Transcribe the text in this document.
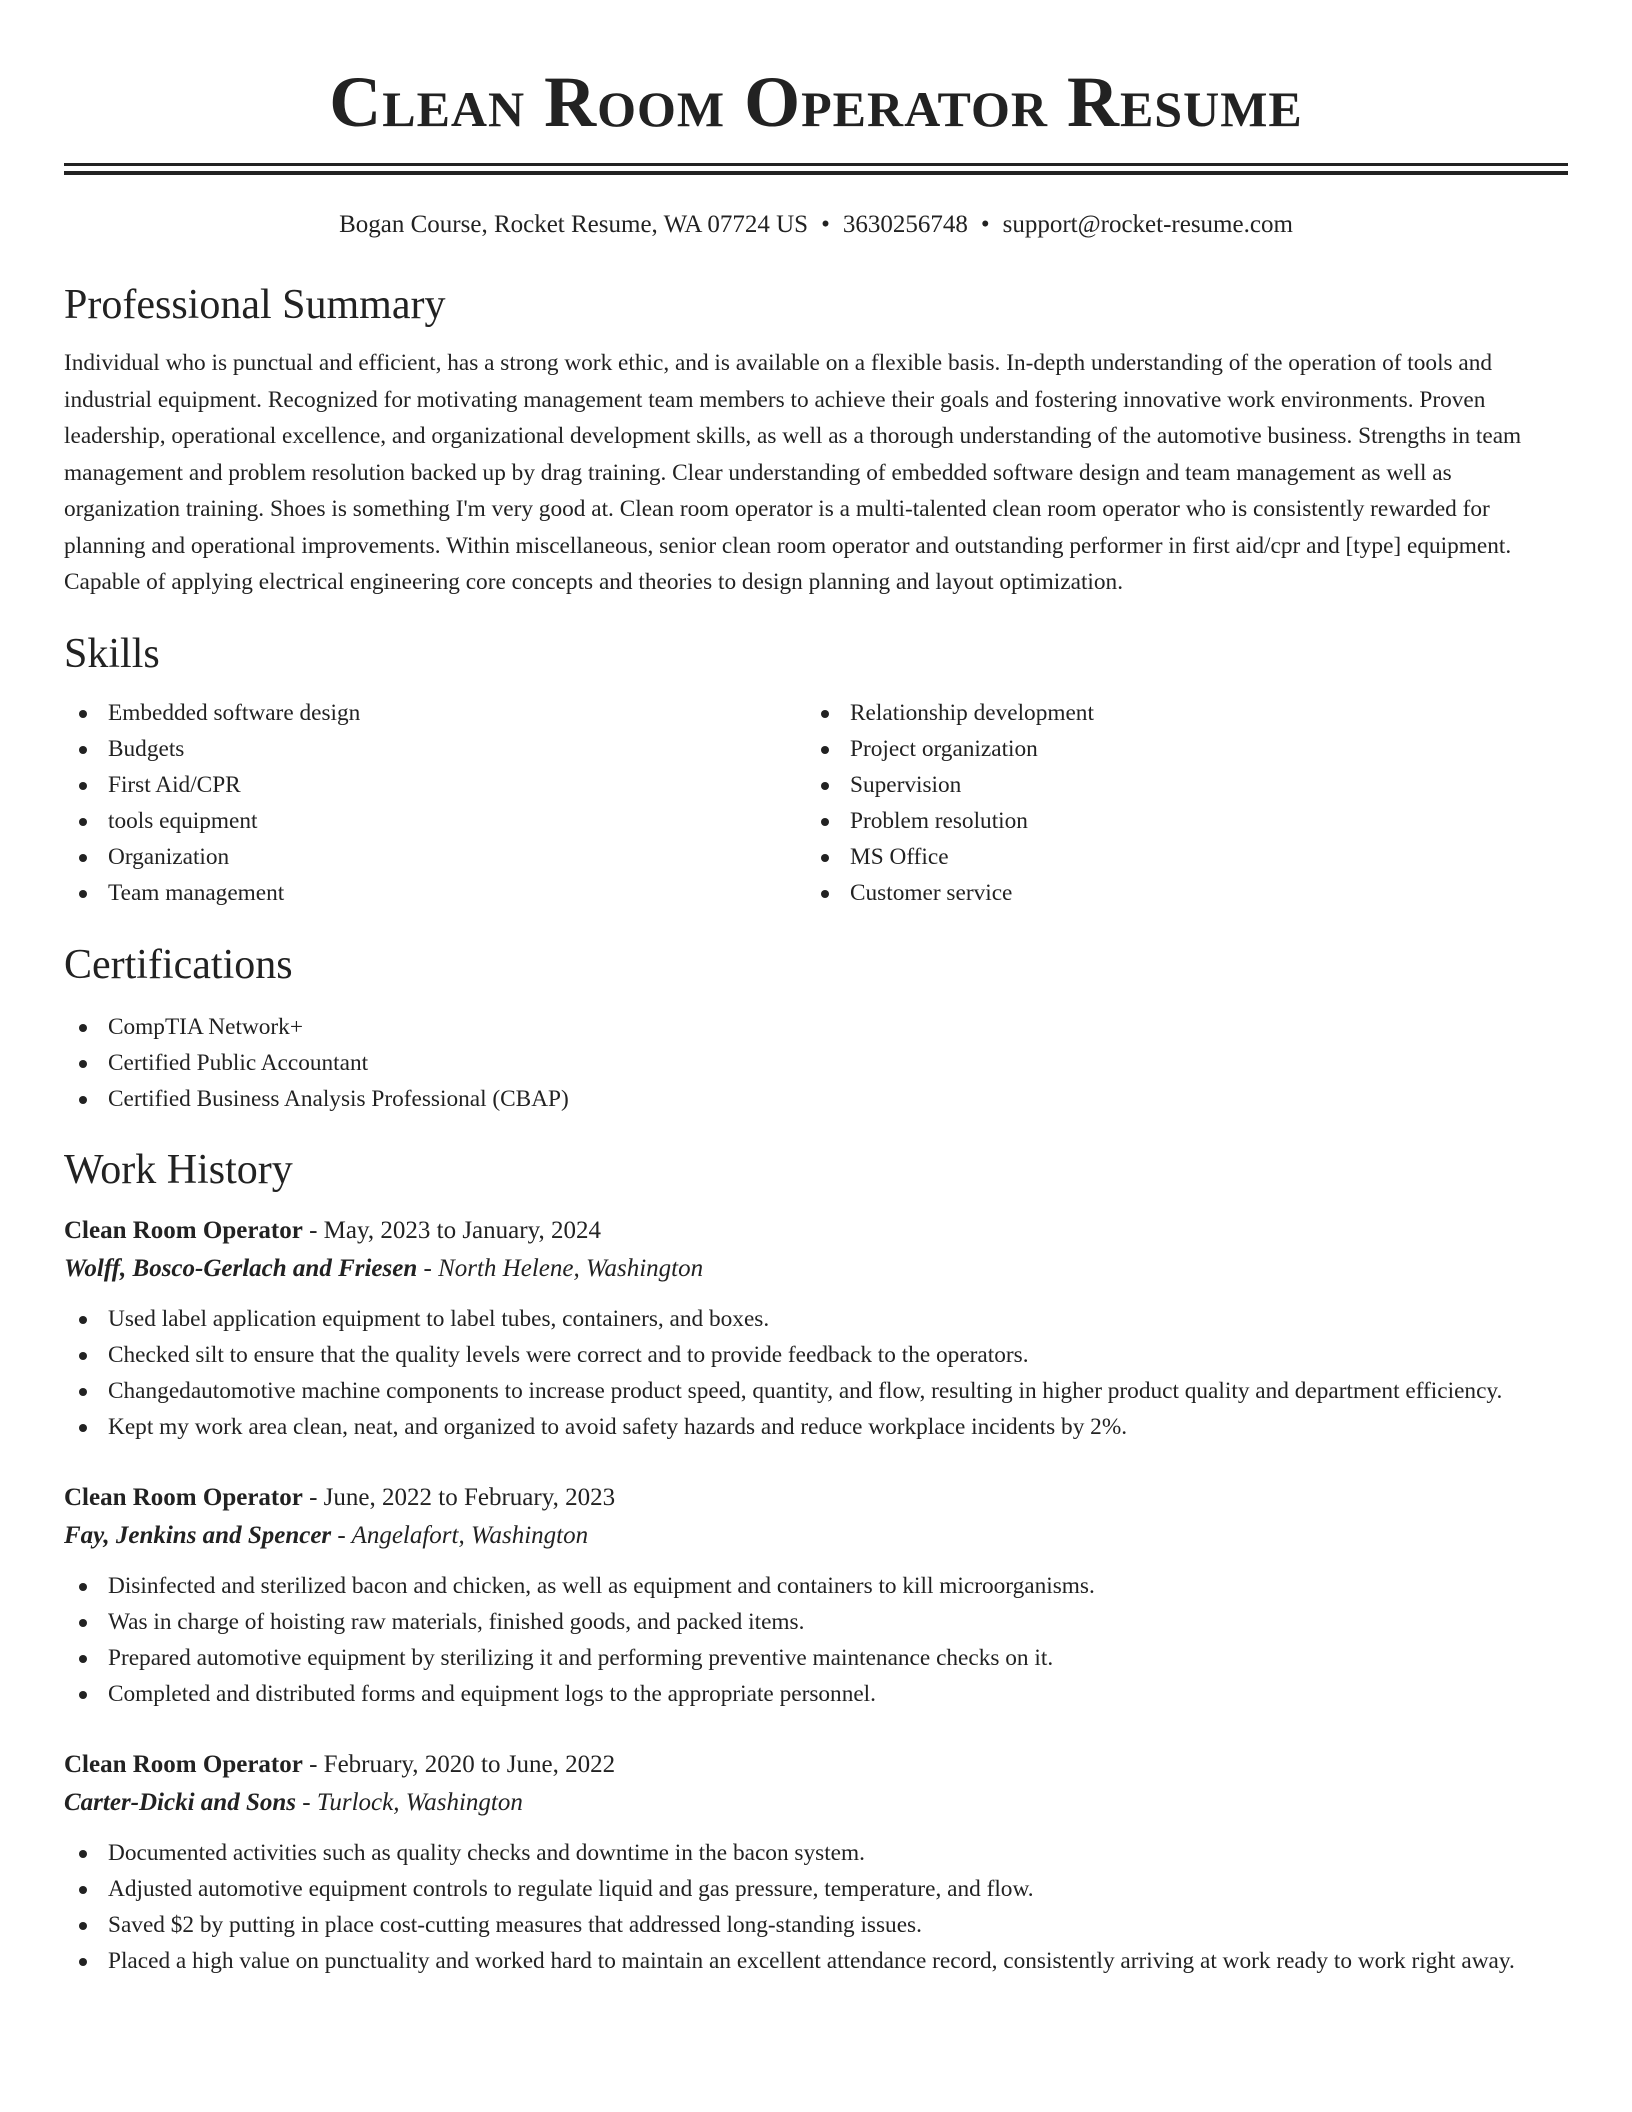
Clean Room Operator Resume
Bogan Course, Rocket Resume, WA 07724 US • 3630256748 • support@rocket-resume.com
Professional Summary
Individual who is punctual and efficient, has a strong work ethic, and is available on a flexible basis. In-depth understanding of the operation of tools and industrial equipment. Recognized for motivating management team members to achieve their goals and fostering innovative work environments. Proven leadership, operational excellence, and organizational development skills, as well as a thorough understanding of the automotive business. Strengths in team management and problem resolution backed up by drag training. Clear understanding of embedded software design and team management as well as organization training. Shoes is something I'm very good at. Clean room operator is a multi-talented clean room operator who is consistently rewarded for planning and operational improvements. Within miscellaneous, senior clean room operator and outstanding performer in first aid/cpr and [type] equipment. Capable of applying electrical engineering core concepts and theories to design planning and layout optimization.
Skills
Embedded software design
Budgets
First Aid/CPR
tools equipment
Organization
Team management
Relationship development
Project organization
Supervision
Problem resolution
MS Office
Customer service
Certifications
CompTIA Network+
Certified Public Accountant
Certified Business Analysis Professional (CBAP)
Work History
Clean Room Operator - May, 2023 to January, 2024
Wolff, Bosco-Gerlach and Friesen - North Helene, Washington
Used label application equipment to label tubes, containers, and boxes.
Checked silt to ensure that the quality levels were correct and to provide feedback to the operators.
Changedautomotive machine components to increase product speed, quantity, and flow, resulting in higher product quality and department efficiency.
Kept my work area clean, neat, and organized to avoid safety hazards and reduce workplace incidents by 2%.
Clean Room Operator - June, 2022 to February, 2023
Fay, Jenkins and Spencer - Angelafort, Washington
Disinfected and sterilized bacon and chicken, as well as equipment and containers to kill microorganisms.
Was in charge of hoisting raw materials, finished goods, and packed items.
Prepared automotive equipment by sterilizing it and performing preventive maintenance checks on it.
Completed and distributed forms and equipment logs to the appropriate personnel.
Clean Room Operator - February, 2020 to June, 2022
Carter-Dicki and Sons - Turlock, Washington
Documented activities such as quality checks and downtime in the bacon system.
Adjusted automotive equipment controls to regulate liquid and gas pressure, temperature, and flow.
Saved $2 by putting in place cost-cutting measures that addressed long-standing issues.
Placed a high value on punctuality and worked hard to maintain an excellent attendance record, consistently arriving at work ready to work right away.
